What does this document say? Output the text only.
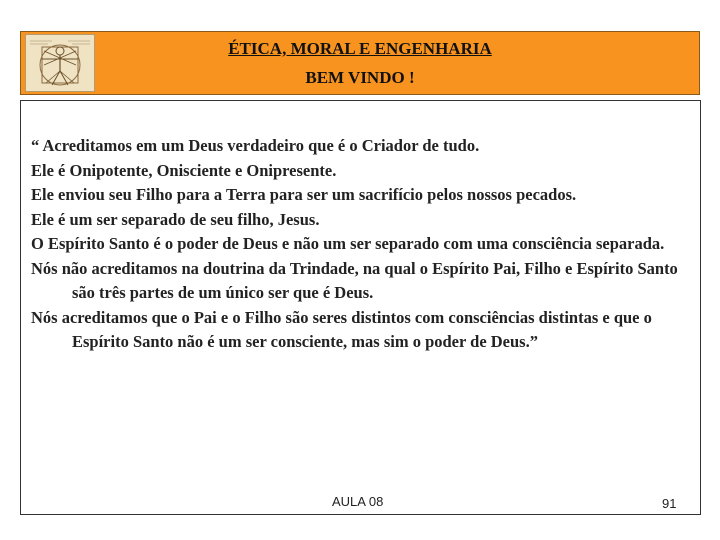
ÉTICA, MORAL E ENGENHARIA
BEM VINDO !

“ Acreditamos em um Deus verdadeiro que é o Criador de tudo.

Ele é Onipotente, Onisciente e Onipresente.

Ele enviou seu Filho para a Terra para ser um sacrifício pelos nossos pecados.

Ele é um ser separado de seu filho, Jesus.

O Espírito Santo é o poder de Deus e não um ser separado com uma consciência separada.

Nós não acreditamos na doutrina da Trindade, na qual o Espírito Pai, Filho e Espírito Santo são três partes de um único ser que é Deus.

Nós acreditamos que o Pai e o Filho são seres distintos com consciências distintas e que o Espírito Santo não é um ser consciente, mas sim o poder de Deus.”

AULA 08	91
